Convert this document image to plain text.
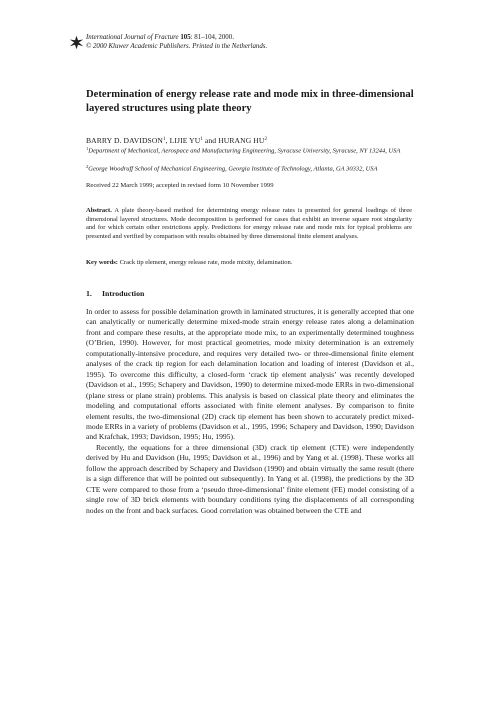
International Journal of Fracture 105: 81–104, 2000.
© 2000 Kluwer Academic Publishers. Printed in the Netherlands.
Determination of energy release rate and mode mix in three-dimensional layered structures using plate theory
BARRY D. DAVIDSON$^1$, LIJIE $YU^1$ and HURANG $HU^2$
$^1$Department of Mechanical, Aerospace and Manufacturing Engineering, Syracuse University, Syracuse, NY 13244, USA
$^2$George Woodruff School of Mechanical Engineering, Georgia Institute of Technology, Atlanta, GA 30332, USA
Received 22 March 1999; accepted in revised form 10 November 1999
Abstract. A plate theory-based method for determining energy release rates is presented for general loadings of three dimensional layered structures. Mode decomposition is performed for cases that exhibit an inverse square root singularity and for which certain other restrictions apply. Predictions for energy release rate and mode mix for typical problems are presented and verified by comparison with results obtained by three dimensional finite element analyses.
Key words: Crack tip element, energy release rate, mode mixity, delamination.
1. Introduction

In order to assess for possible delamination growth in laminated structures, it is generally accepted that one can analytically or numerically determine mixed-mode strain energy release rates along a delamination front and compare these results, at the appropriate mode mix, to an experimentally determined toughness (O’Brien, 1990). However, for most practical geometries, mode mixity determination is an extremely computationally-intensive procedure, and requires very detailed two- or three-dimensional finite element analyses of the crack tip region for each delamination location and loading of interest (Davidson et al., 1995). To overcome this difficulty, a closed-form ‘crack tip element analysis’ was recently developed (Davidson et al., 1995; Schapery and Davidson, 1990) to determine mixed-mode ERRs in two-dimensional (plane stress or plane strain) problems. This analysis is based on classical plate theory and eliminates the modeling and computational efforts associated with finite element analyses. By comparison to finite element results, the two-dimensional (2D) crack tip element has been shown to accurately predict mixed-mode ERRs in a variety of problems (Davidson et al., 1995, 1996; Schapery and Davidson, 1990; Davidson and Krafchak, 1993; Davidson, 1995; Hu, 1995).

Recently, the equations for a three dimensional (3D) crack tip element (CTE) were independently derived by Hu and Davidson (Hu, 1995; Davidson et al., 1996) and by Yang et al. (1998). These works all follow the approach described by Schapery and Davidson (1990) and obtain virtually the same result (there is a sign difference that will be pointed out subsequently). In Yang et al. (1998), the predictions by the 3D CTE were compared to those from a ‘pseudo three-dimensional’ finite element (FE) model consisting of a single row of 3D brick elements with boundary conditions tying the displacements of all corresponding nodes on the front and back surfaces. Good correlation was obtained between the CTE and
